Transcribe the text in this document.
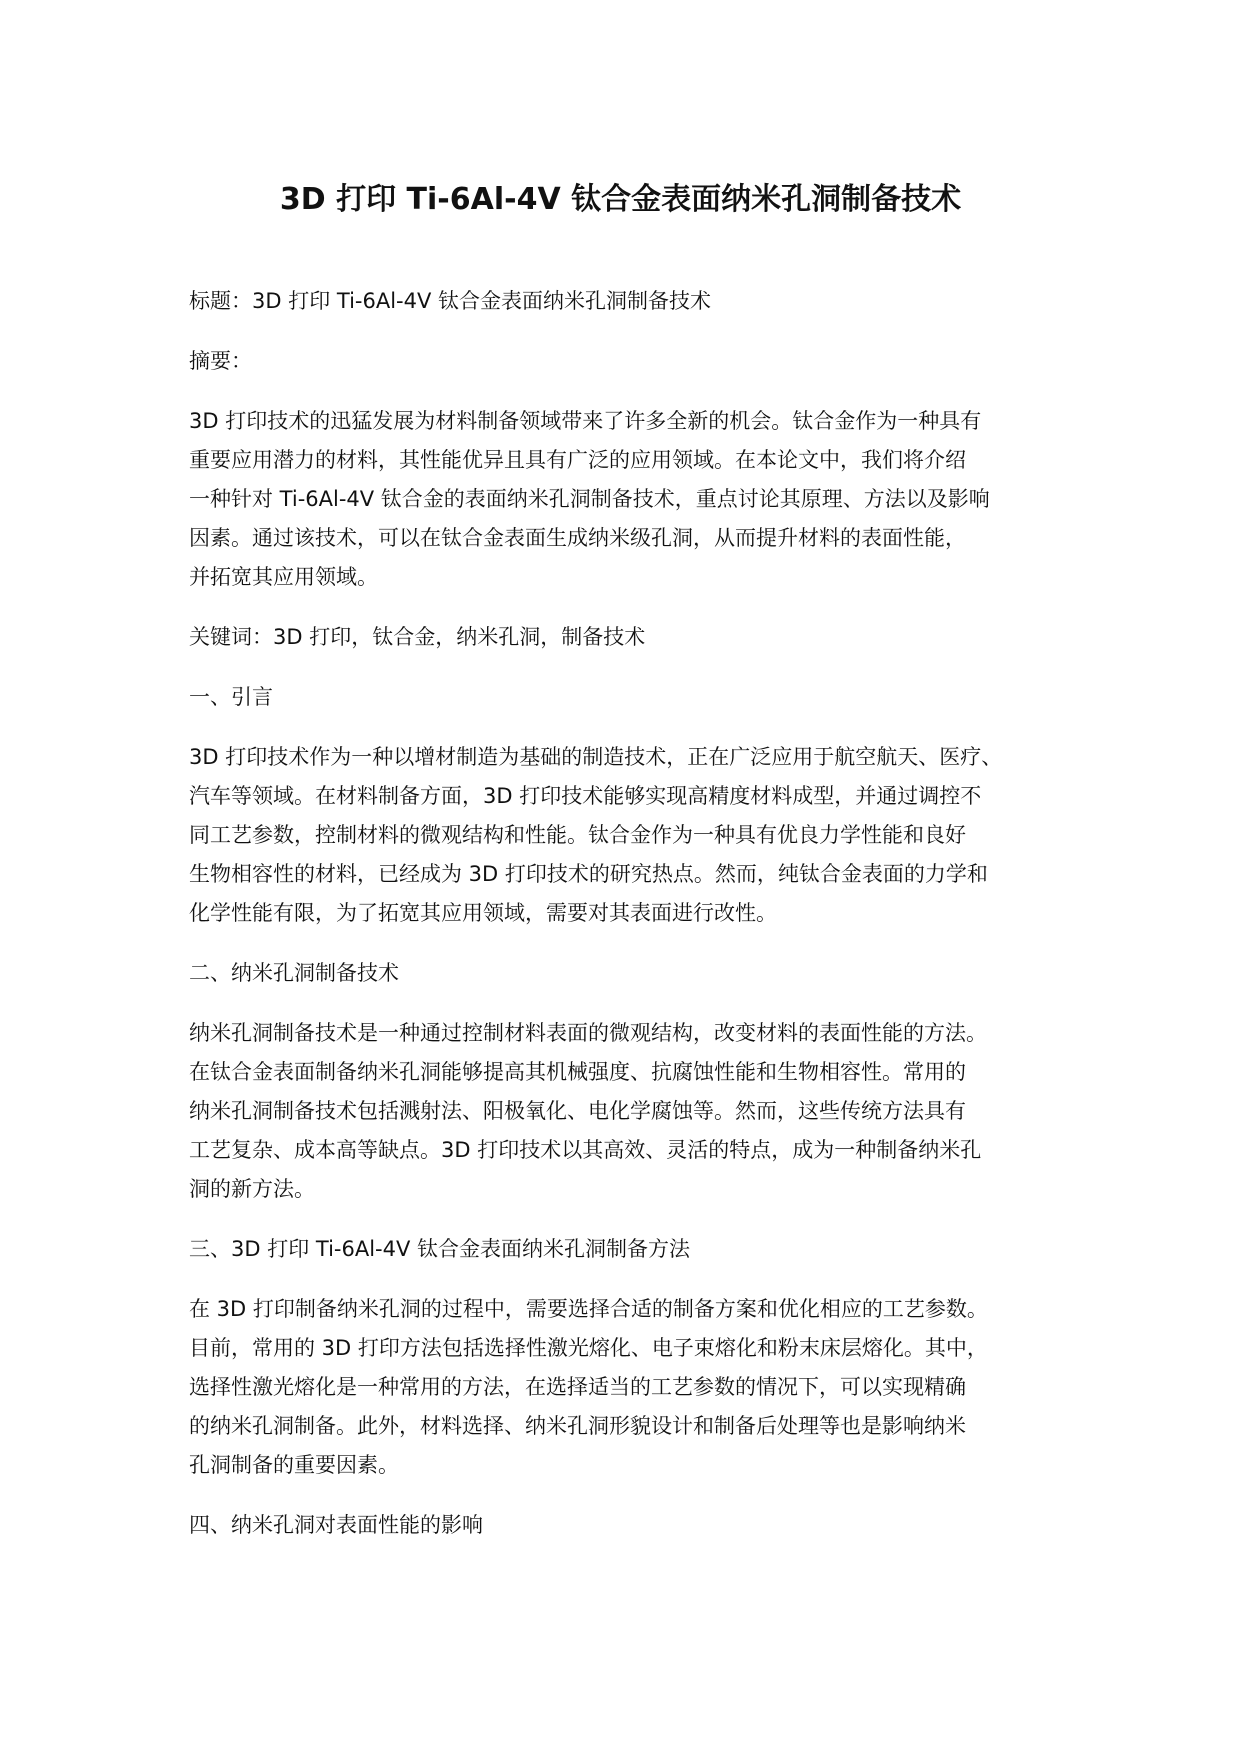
3D 打印 Ti-6Al-4V 钛合金表面纳米孔洞制备技术

标题：3D 打印 Ti-6Al-4V 钛合金表面纳米孔洞制备技术

摘要：

3D 打印技术的迅猛发展为材料制备领域带来了许多全新的机会。钛合金作为一种具有
重要应用潜力的材料，其性能优异且具有广泛的应用领域。在本论文中，我们将介绍
一种针对 Ti-6Al-4V 钛合金的表面纳米孔洞制备技术，重点讨论其原理、方法以及影响
因素。通过该技术，可以在钛合金表面生成纳米级孔洞，从而提升材料的表面性能，
并拓宽其应用领域。

关键词：3D 打印，钛合金，纳米孔洞，制备技术

一、引言

3D 打印技术作为一种以增材制造为基础的制造技术，正在广泛应用于航空航天、医疗、
汽车等领域。在材料制备方面，3D 打印技术能够实现高精度材料成型，并通过调控不
同工艺参数，控制材料的微观结构和性能。钛合金作为一种具有优良力学性能和良好
生物相容性的材料，已经成为 3D 打印技术的研究热点。然而，纯钛合金表面的力学和
化学性能有限，为了拓宽其应用领域，需要对其表面进行改性。

二、纳米孔洞制备技术

纳米孔洞制备技术是一种通过控制材料表面的微观结构，改变材料的表面性能的方法。
在钛合金表面制备纳米孔洞能够提高其机械强度、抗腐蚀性能和生物相容性。常用的
纳米孔洞制备技术包括溅射法、阳极氧化、电化学腐蚀等。然而，这些传统方法具有
工艺复杂、成本高等缺点。3D 打印技术以其高效、灵活的特点，成为一种制备纳米孔
洞的新方法。

三、3D 打印 Ti-6Al-4V 钛合金表面纳米孔洞制备方法

在 3D 打印制备纳米孔洞的过程中，需要选择合适的制备方案和优化相应的工艺参数。
目前，常用的 3D 打印方法包括选择性激光熔化、电子束熔化和粉末床层熔化。其中，
选择性激光熔化是一种常用的方法，在选择适当的工艺参数的情况下，可以实现精确
的纳米孔洞制备。此外，材料选择、纳米孔洞形貌设计和制备后处理等也是影响纳米
孔洞制备的重要因素。

四、纳米孔洞对表面性能的影响
